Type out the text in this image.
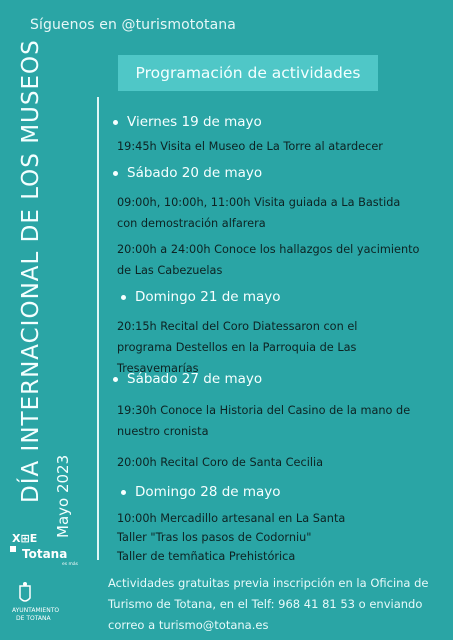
Síguenos en @turismototana
Programación de actividades
DÍA INTERNACIONAL DE LOS MUSEOS Mayo 2023
Viernes 19 de mayo
19:45h Visita el Museo de La Torre al atardecer
Sábado 20 de mayo
09:00h, 10:00h, 11:00h Visita guiada a La Bastida con demostración alfarera
20:00h a 24:00h Conoce los hallazgos del yacimiento de Las Cabezuelas
Domingo 21 de mayo
20:15h Recital del Coro Diatessaron con el programa Destellos en la Parroquia de Las Tresavemarías
Sábado 27 de mayo
19:30h Conoce la Historia del Casino de la mano de nuestro cronista
20:00h Recital Coro de Santa Cecilia
Domingo 28 de mayo
10:00h Mercadillo artesanal en La Santa
Taller "Tras los pasos de Codorniu"
Taller de temñatica Prehistórica
Actividades gratuitas previa inscripción en la Oficina de Turismo de Totana, en el Telf: 968 41 81 53 o enviando correo a turismo@totana.es
X⊞E
Totana
es más
AYUNTAMIENTO
DE TOTANA
